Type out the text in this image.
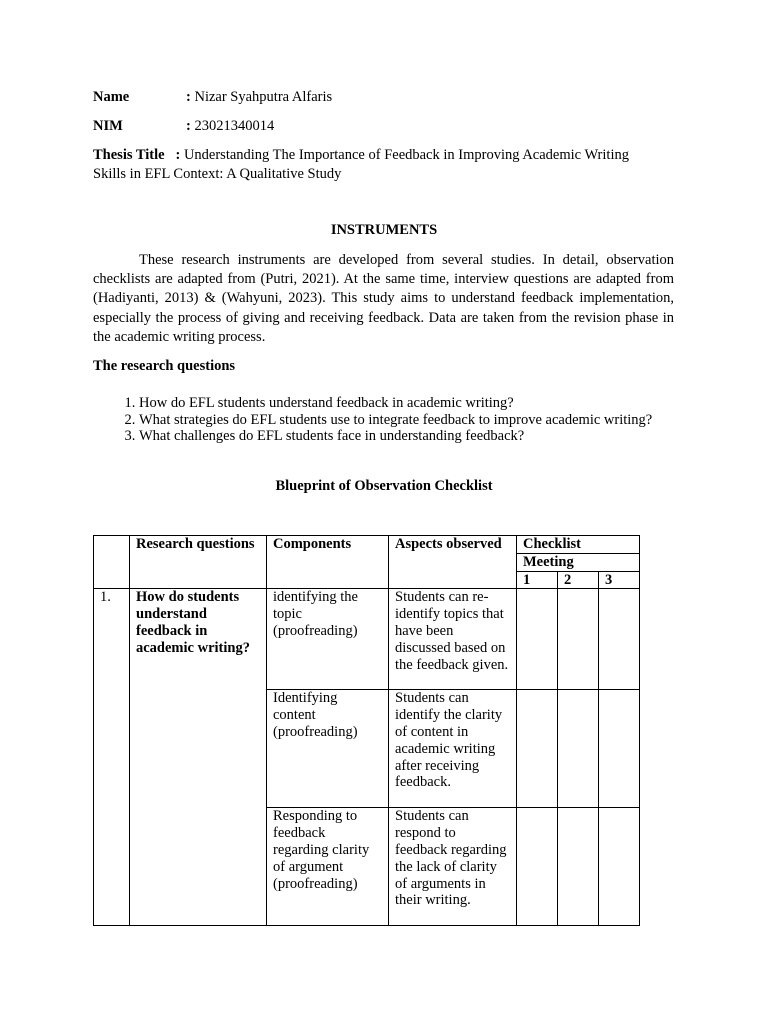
Name	: Nizar Syahputra Alfaris
NIM	: 23021340014
Thesis Title : Understanding The Importance of Feedback in Improving Academic Writing
Skills in EFL Context: A Qualitative Study
INSTRUMENTS
These research instruments are developed from several studies. In detail, observation checklists are adapted from (Putri, 2021). At the same time, interview questions are adapted from (Hadiyanti, 2013) & (Wahyuni, 2023). This study aims to understand feedback implementation, especially the process of giving and receiving feedback. Data are taken from the revision phase in the academic writing process.
The research questions
1. How do EFL students understand feedback in academic writing?
2. What strategies do EFL students use to integrate feedback to improve academic writing?
3. What challenges do EFL students face in understanding feedback?
Blueprint of Observation Checklist
	Research questions	Components	Aspects observed	Checklist		
				Meeting		
				1	2	3
1.	How do students understand feedback in academic writing?	identifying the topic (proofreading)	Students can re-identify topics that have been discussed based on the feedback given.			
		Identifying content (proofreading)	Students can identify the clarity of content in academic writing after receiving feedback.			
		Responding to feedback regarding clarity of argument (proofreading)	Students can respond to feedback regarding the lack of clarity of arguments in their writing.			
